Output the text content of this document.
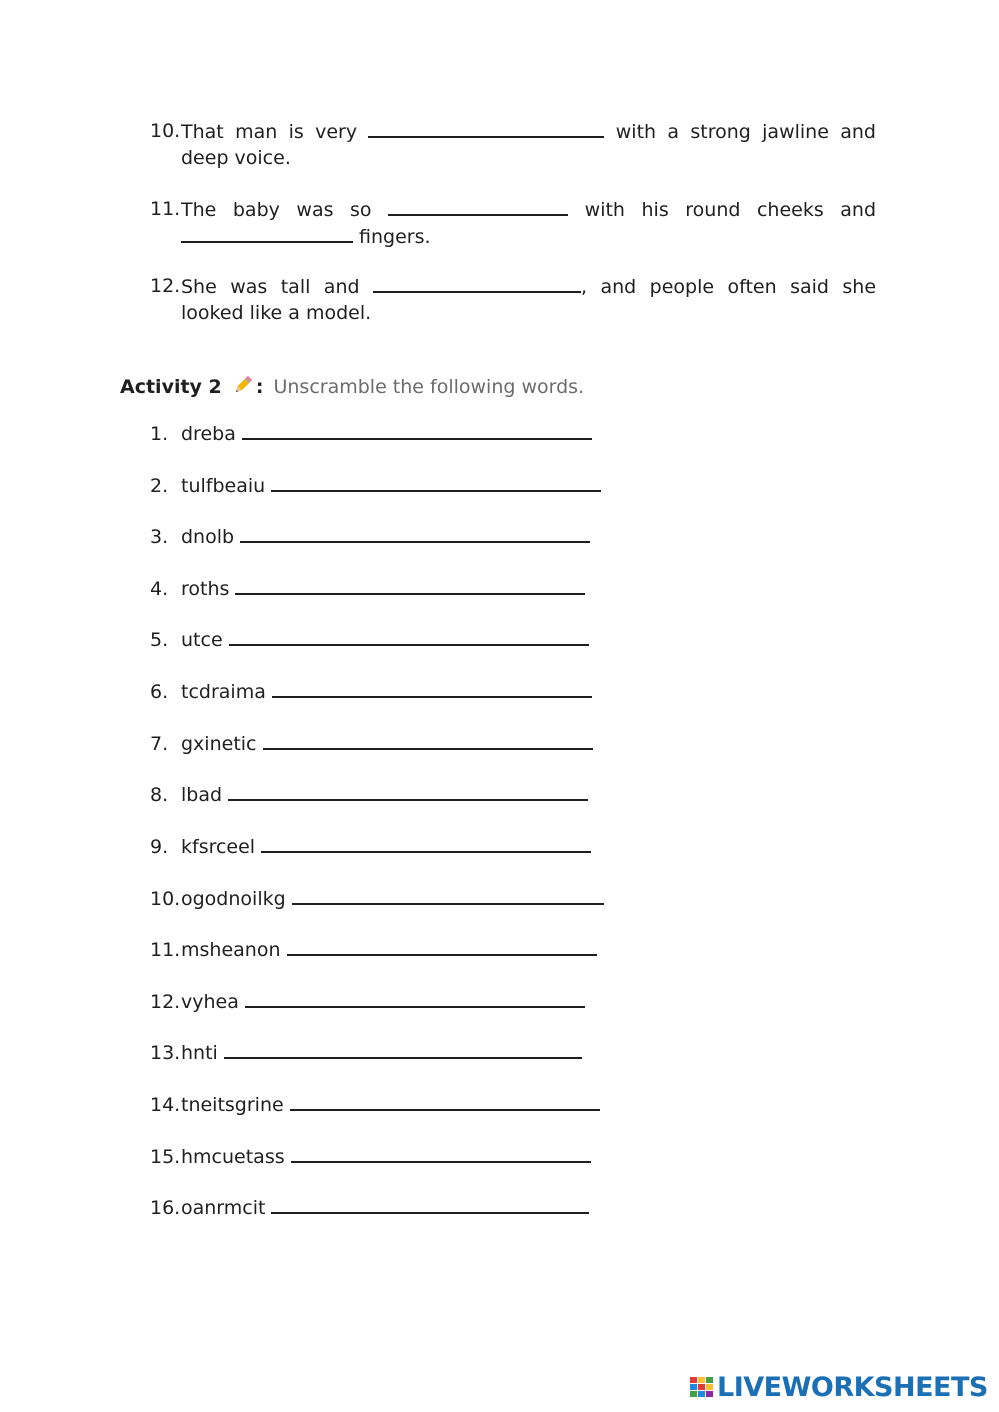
10. That man is very	with a strong jawline and deep voice.
11. The baby was so	with his round cheeks and  fingers.
12. She was tall and	, and people often said she looked like a model.
Activity 2 : Unscramble the following words.
1. dreba
2. tulfbeaiu
3. dnolb
4. roths
5. utce
6. tcdraima
7. gxinetic
8. lbad
9. kfsrceel
10.ogodnoilkg
11.msheanon
12.vyhea
13.hnti
14.tneitsgrine
15.hmcuetass
16.oanrmcit
LIVEWORKSHEETS
